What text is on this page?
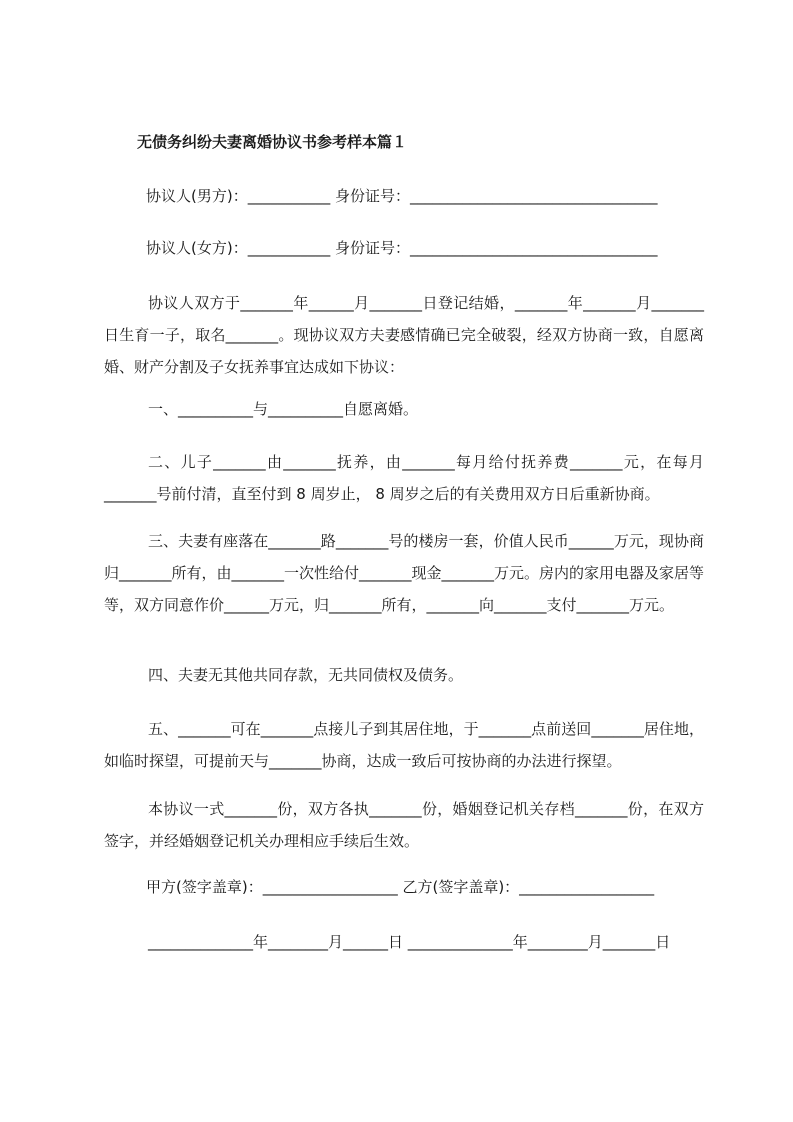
无债务纠纷夫妻离婚协议书参考样本篇１
协议人(男方)：___________ 身份证号：_________________________________
协议人(女方)：___________ 身份证号：_________________________________
协议人双方于_______年______月_______日登记结婚，_______年_______月_______日生育一子，取名_______。现协议双方夫妻感情确已完全破裂，经双方协商一致，自愿离婚、财产分割及子女抚养事宜达成如下协议：
一、__________与__________自愿离婚。
二、儿子_______由_______抚养，由_______每月给付抚养费_______元，在每月_______号前付清，直至付到 8 周岁止， 8 周岁之后的有关费用双方日后重新协商。
三、夫妻有座落在_______路_______号的楼房一套，价值人民币______万元，现协商归_______所有，由_______一次性给付_______现金_______万元。房内的家用电器及家居等等，双方同意作价______万元，归_______所有，_______向_______支付_______万元。
四、夫妻无其他共同存款，无共同债权及债务。
五、_______可在_______点接儿子到其居住地，于_______点前送回_______居住地，如临时探望，可提前天与_______协商，达成一致后可按协商的办法进行探望。
本协议一式_______份，双方各执_______份，婚姻登记机关存档_______份，在双方签字，并经婚姻登记机关办理相应手续后生效。
甲方(签字盖章)：__________________ 乙方(签字盖章)：__________________
______________年________月______日 ______________年________月_______日
